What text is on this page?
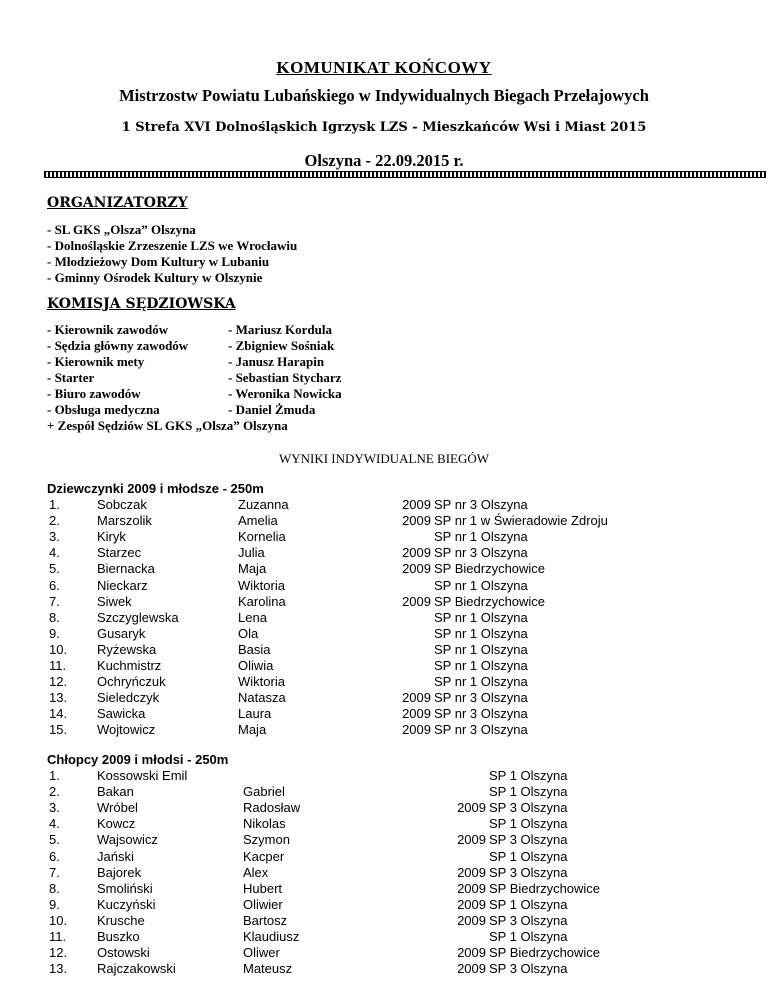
KOMUNIKAT KOŃCOWY
Mistrzostw Powiatu Lubańskiego w Indywidualnych Biegach Przełajowych
1 Strefa XVI Dolnośląskich Igrzysk LZS - Mieszkańców Wsi i Miast 2015
Olszyna - 22.09.2015 r.
ORGANIZATORZY
- SL GKS „Olsza” Olszyna
- Dolnośląskie Zrzeszenie LZS we Wrocławiu
- Młodzieżowy Dom Kultury w Lubaniu
- Gminny Ośrodek Kultury w Olszynie
KOMISJA SĘDZIOWSKA
- Kierownik zawodów	- Mariusz Kordula
- Sędzia główny zawodów	- Zbigniew Sośniak
- Kierownik mety	- Janusz Harapin
- Starter	- Sebastian Stycharz
- Biuro zawodów	- Weronika Nowicka
- Obsługa medyczna	- Daniel Żmuda
+ Zespół Sędziów SL GKS „Olsza” Olszyna
WYNIKI INDYWIDUALNE BIEGÓW
Dziewczynki 2009 i młodsze - 250m
1.	Sobczak	Zuzanna	2009 SP nr 3 Olszyna
2.	Marszolik	Amelia	2009 SP nr 1 w Świeradowie Zdroju
3.	Kiryk	Kornelia	SP nr 1 Olszyna
4.	Starzec	Julia	2009 SP nr 3 Olszyna
5.	Biernacka	Maja	2009 SP Biedrzychowice
6.	Nieckarz	Wiktoria	SP nr 1 Olszyna
7.	Siwek	Karolina	2009 SP Biedrzychowice
8.	Szczyglewska	Lena	SP nr 1 Olszyna
9.	Gusaryk	Ola	SP nr 1 Olszyna
10. Ryżewska	Basia	SP nr 1 Olszyna
11. Kuchmistrz	Oliwia	SP nr 1 Olszyna
12. Ochryńczuk	Wiktoria	SP nr 1 Olszyna
13. Sieledczyk	Natasza	2009 SP nr 3 Olszyna
14. Sawicka	Laura	2009 SP nr 3 Olszyna
15. Wojtowicz	Maja	2009 SP nr 3 Olszyna
Chłopcy 2009 i młodsi - 250m
1.	Kossowski Emil	SP 1 Olszyna
2.	Bakan	Gabriel	SP 1 Olszyna
3.	Wróbel	Radosław	2009 SP 3 Olszyna
4.	Kowcz	Nikolas	SP 1 Olszyna
5.	Wajsowicz	Szymon	2009 SP 3 Olszyna
6.	Jański	Kacper	SP 1 Olszyna
7.	Bajorek	Alex	2009 SP 3 Olszyna
8.	Smoliński	Hubert	2009 SP Biedrzychowice
9.	Kuczyński	Oliwier	2009 SP 1 Olszyna
10. Krusche	Bartosz	2009 SP 3 Olszyna
11. Buszko	Klaudiusz	SP 1 Olszyna
12. Ostowski	Oliwer	2009 SP Biedrzychowice
13. Rajczakowski	Mateusz	2009 SP 3 Olszyna
